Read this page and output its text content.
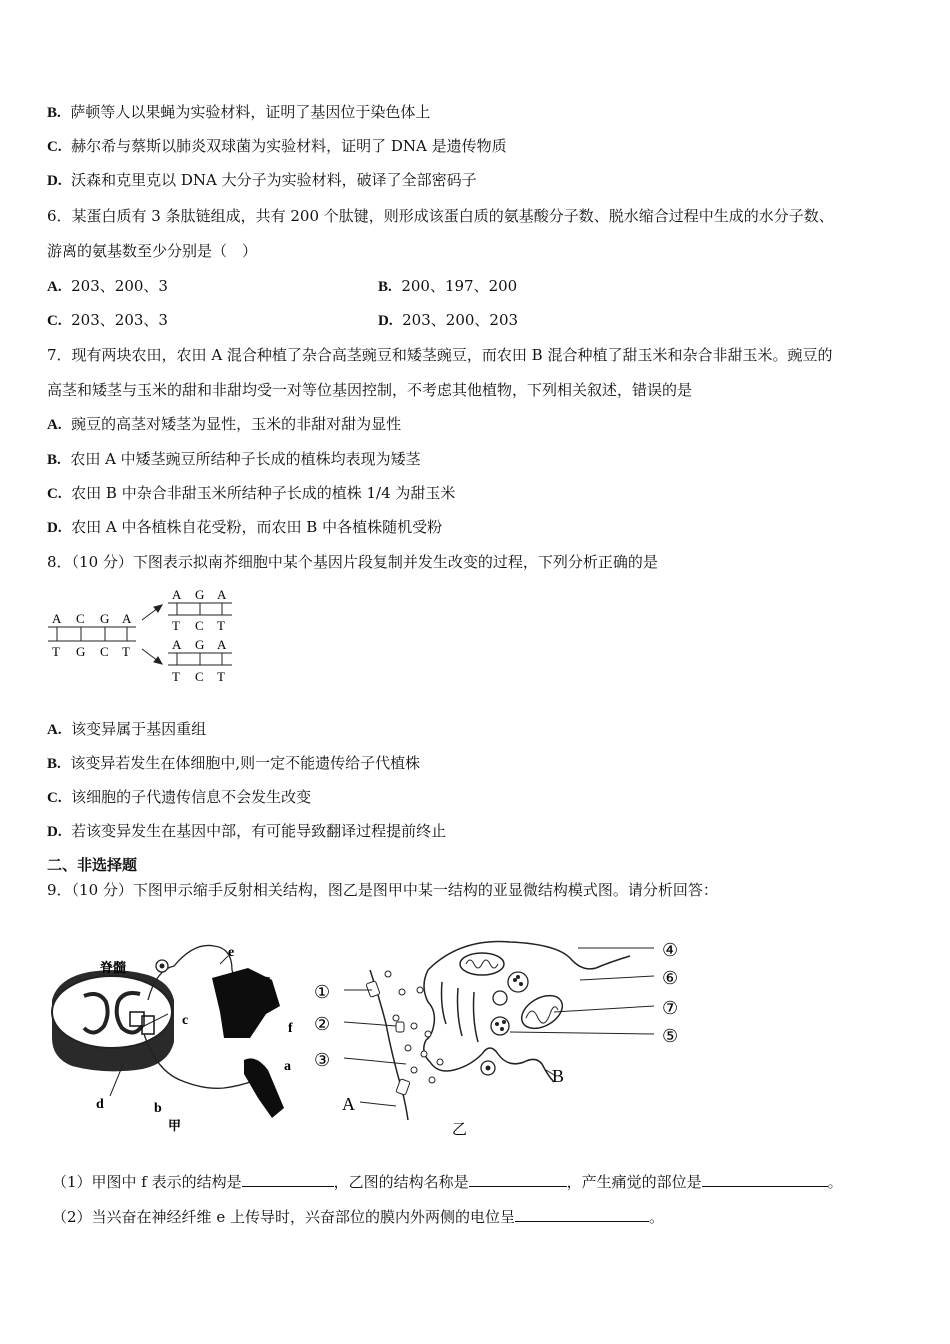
B. 萨顿等人以果蝇为实验材料，证明了基因位于染色体上
C. 赫尔希与蔡斯以肺炎双球菌为实验材料，证明了 DNA 是遗传物质
D. 沃森和克里克以 DNA 大分子为实验材料，破译了全部密码子
6．某蛋白质有 3 条肽链组成，共有 200 个肽键，则形成该蛋白质的氨基酸分子数、脱水缩合过程中生成的水分子数、
游离的氨基数至少分别是（　）
A. 203、200、3	B. 200、197、200
C. 203、203、3	D. 203、200、203
7．现有两块农田，农田 A 混合种植了杂合高茎豌豆和矮茎豌豆，而农田 B 混合种植了甜玉米和杂合非甜玉米。豌豆的
高茎和矮茎与玉米的甜和非甜均受一对等位基因控制，不考虑其他植物，下列相关叙述，错误的是
A. 豌豆的高茎对矮茎为显性，玉米的非甜对甜为显性
B. 农田 A 中矮茎豌豆所结种子长成的植株均表现为矮茎
C. 农田 B 中杂合非甜玉米所结种子长成的植株 1/4 为甜玉米
D. 农田 A 中各植株自花受粉，而农田 B 中各植株随机受粉
8．（10 分）下图表示拟南芥细胞中某个基因片段复制并发生改变的过程，下列分析正确的是
A C G A
T G C T
A G A
T C T
A G A
T C T
A. 该变异属于基因重组
B. 该变异若发生在体细胞中,则一定不能遗传给子代植株
C. 该细胞的子代遗传信息不会发生改变
D. 若该变异发生在基因中部，有可能导致翻译过程提前终止
二、非选择题
9．（10 分）下图甲示缩手反射相关结构，图乙是图甲中某一结构的亚显微结构模式图。请分析回答：
脊髓
e
c
f
a
d	b
甲
①
②
③
④
⑥
⑦
⑤
A
B
乙
（1）甲图中 f 表示的结构是	，乙图的结构名称是	，产生痛觉的部位是	。
（2）当兴奋在神经纤维 e 上传导时，兴奋部位的膜内外两侧的电位呈	。
